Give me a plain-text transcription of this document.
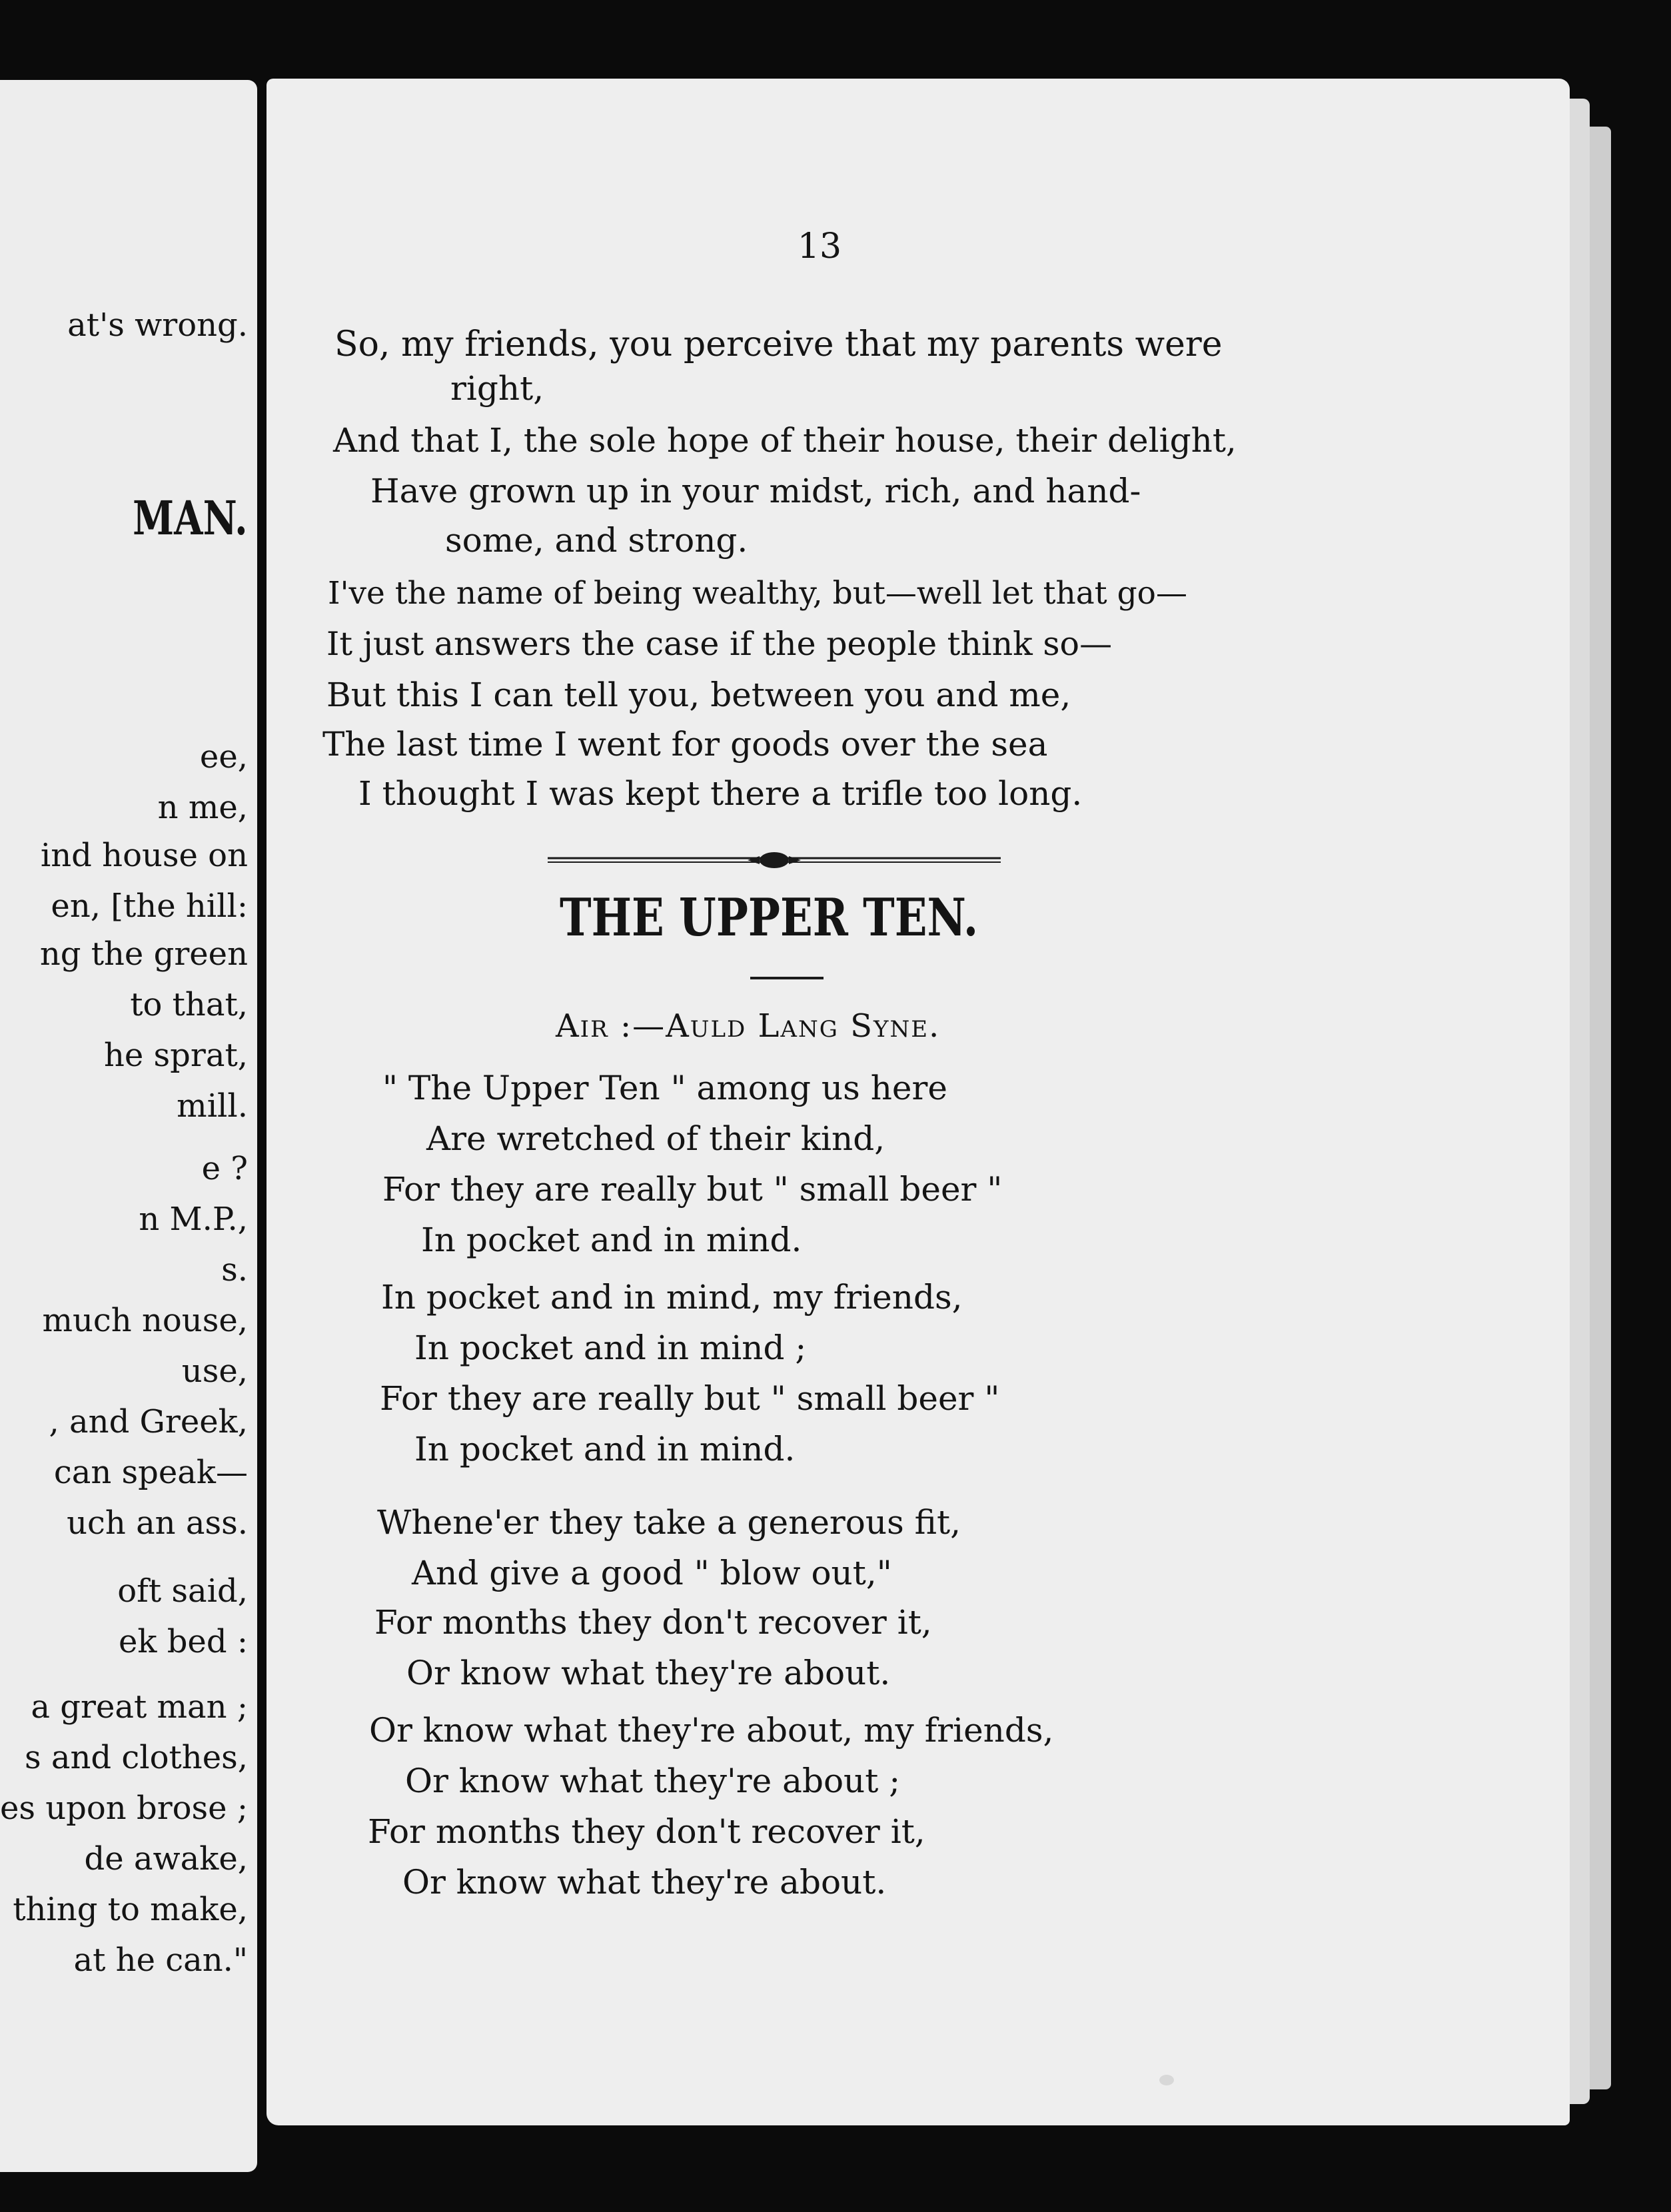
at's wrong.
MAN.
ee,
n me,
ind house on
en, [the hill:
ng the green
to that,
he sprat,
mill.
e ?
n M.P.,
s.
much nouse,
use,
, and Greek,
can speak—
uch an ass.
oft said,
ek bed :
a great man ;
s and clothes,
es upon brose ;
de awake,
thing to make,
at he can."
13
So, my friends, you perceive that my parents were
right,
And that I, the sole hope of their house, their delight,
Have grown up in your midst, rich, and hand-
some, and strong.
I've the name of being wealthy, but—well let that go—
It just answers the case if the people think so—
But this I can tell you, between you and me,
The last time I went for goods over the sea
I thought I was kept there a trifle too long.
THE UPPER TEN.
Air :—Auld Lang Syne.
" The Upper Ten " among us here
Are wretched of their kind,
For they are really but " small beer "
In pocket and in mind.
In pocket and in mind, my friends,
In pocket and in mind ;
For they are really but " small beer "
In pocket and in mind.
Whene'er they take a generous fit,
And give a good " blow out,"
For months they don't recover it,
Or know what they're about.
Or know what they're about, my friends,
Or know what they're about ;
For months they don't recover it,
Or know what they're about.
